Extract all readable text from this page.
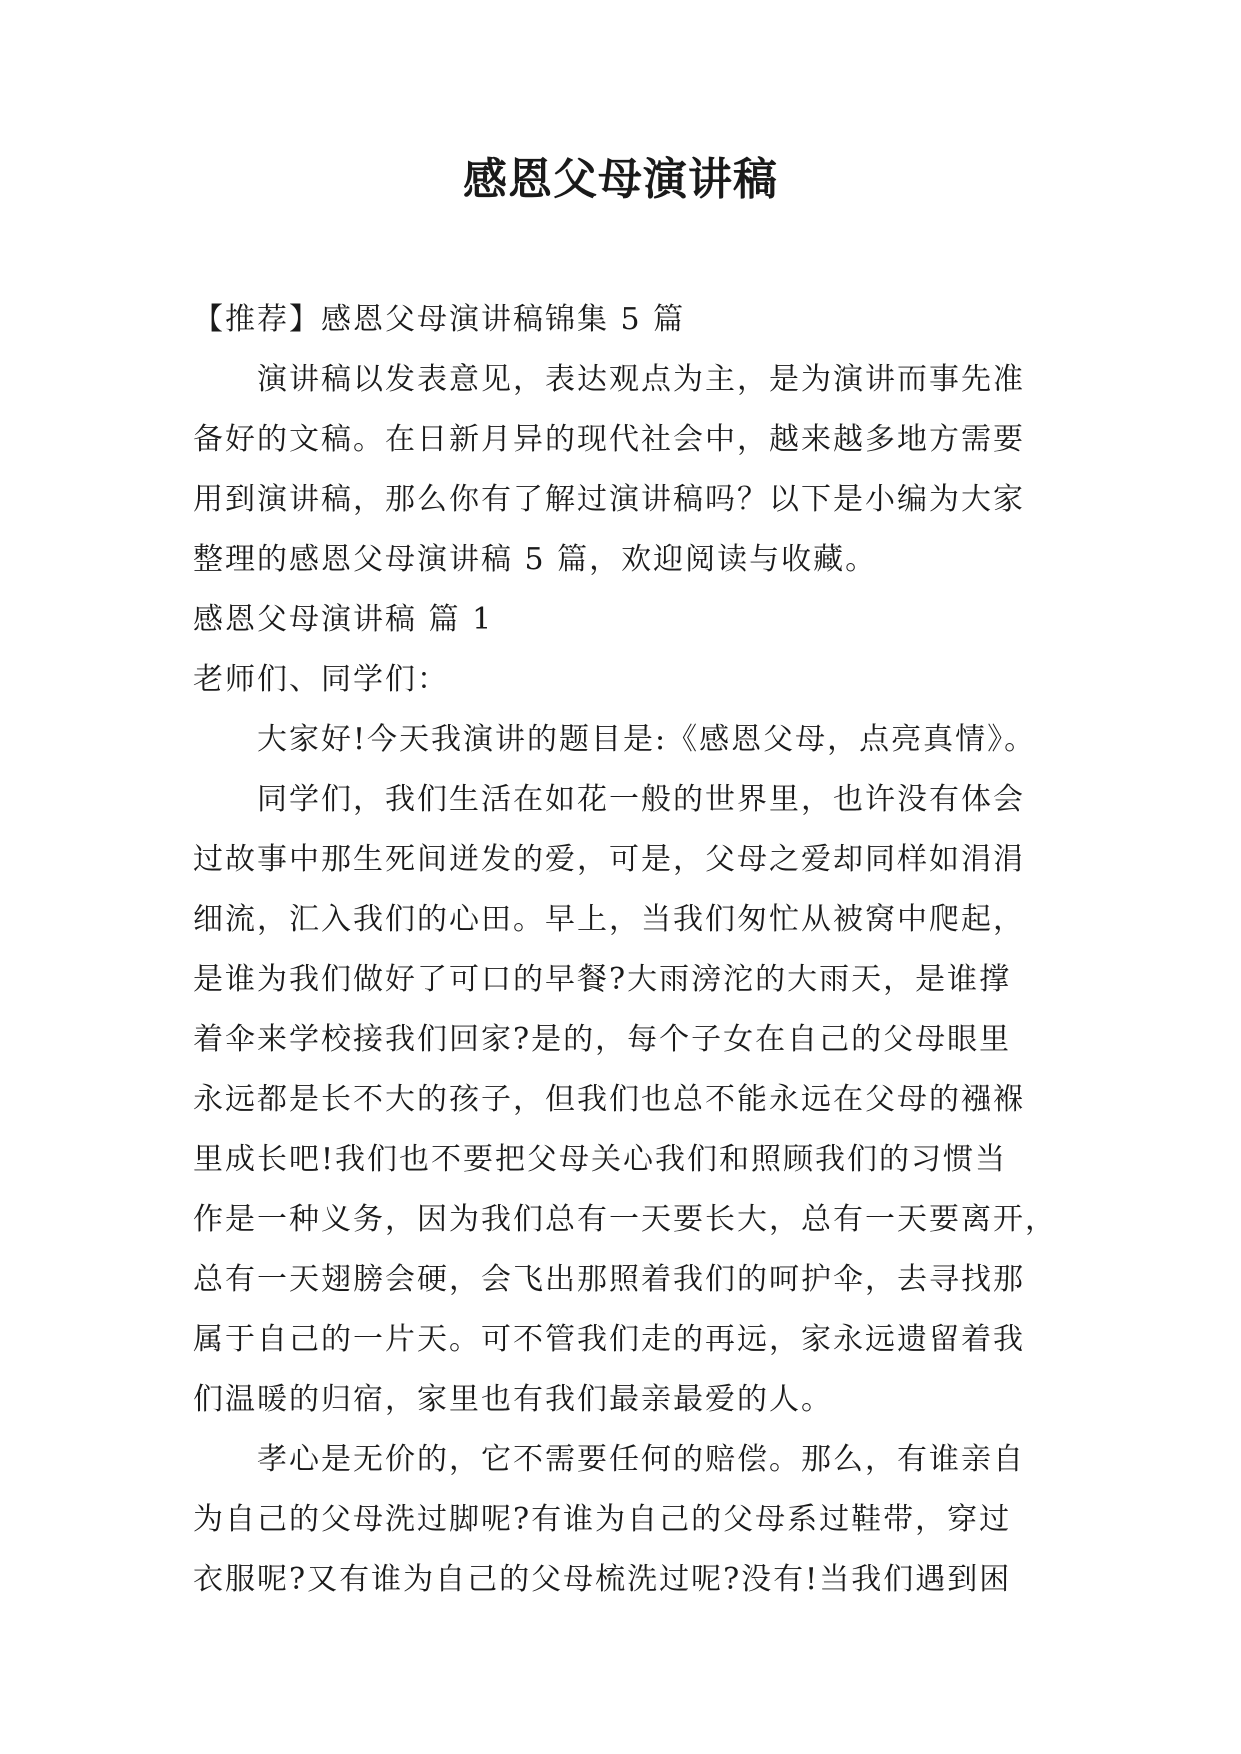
感恩父母演讲稿
【推荐】感恩父母演讲稿锦集 5 篇
演讲稿以发表意见，表达观点为主，是为演讲而事先准
备好的文稿。在日新月异的现代社会中，越来越多地方需要
用到演讲稿，那么你有了解过演讲稿吗？以下是小编为大家
整理的感恩父母演讲稿 5 篇，欢迎阅读与收藏。
感恩父母演讲稿 篇 1
老师们、同学们：
大家好!今天我演讲的题目是:《感恩父母，点亮真情》。
同学们，我们生活在如花一般的世界里，也许没有体会
过故事中那生死间迸发的爱，可是，父母之爱却同样如涓涓
细流，汇入我们的心田。早上，当我们匆忙从被窝中爬起，
是谁为我们做好了可口的早餐?大雨滂沱的大雨天，是谁撑
着伞来学校接我们回家?是的，每个子女在自己的父母眼里
永远都是长不大的孩子，但我们也总不能永远在父母的襁褓
里成长吧!我们也不要把父母关心我们和照顾我们的习惯当
作是一种义务，因为我们总有一天要长大，总有一天要离开，
总有一天翅膀会硬，会飞出那照着我们的呵护伞，去寻找那
属于自己的一片天。可不管我们走的再远，家永远遗留着我
们温暖的归宿，家里也有我们最亲最爱的人。
孝心是无价的，它不需要任何的赔偿。那么，有谁亲自
为自己的父母洗过脚呢?有谁为自己的父母系过鞋带，穿过
衣服呢?又有谁为自己的父母梳洗过呢?没有!当我们遇到困
